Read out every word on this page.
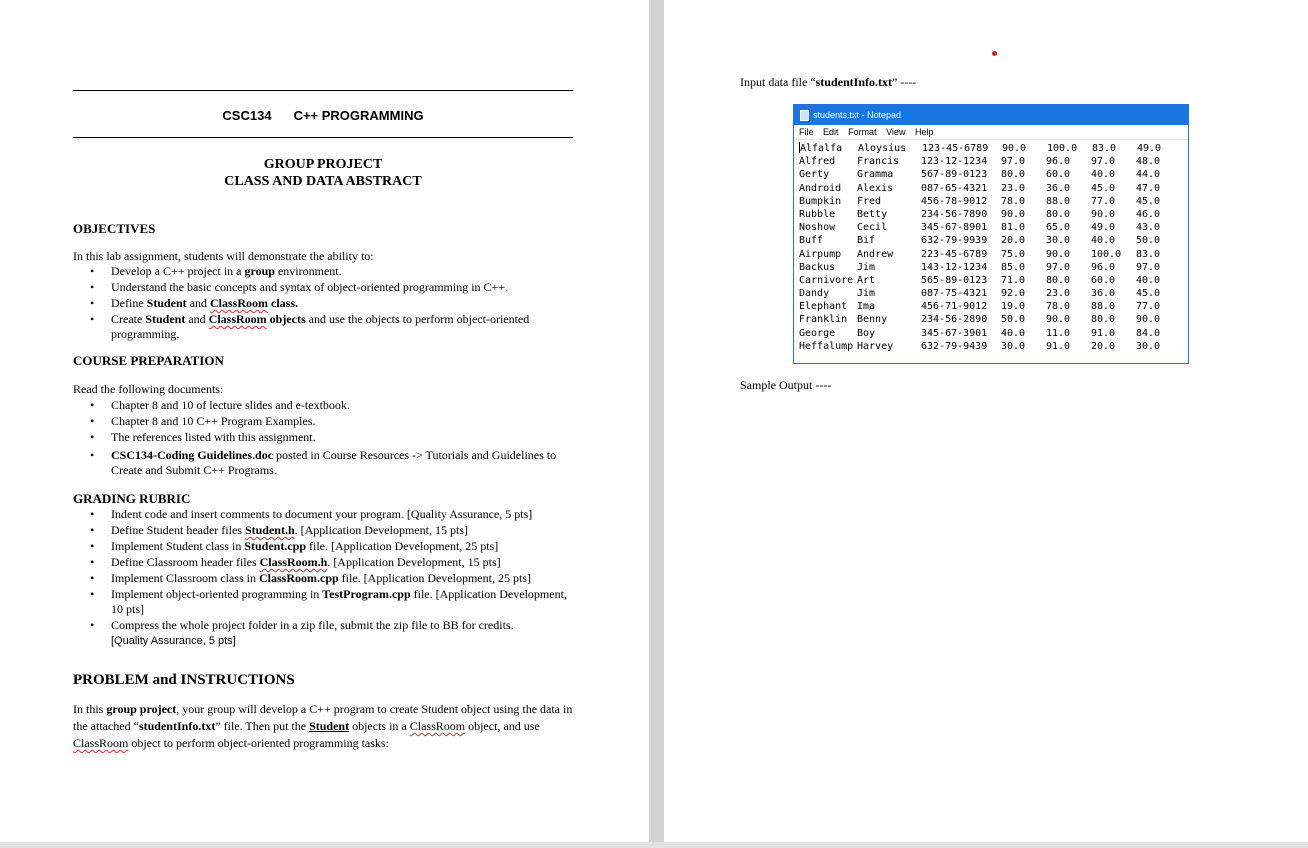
CSC134 C++ PROGRAMMING
GROUP PROJECT
CLASS AND DATA ABSTRACT
OBJECTIVES
In this lab assignment, students will demonstrate the ability to:
• Develop a C++ project in a group environment.
• Understand the basic concepts and syntax of object-oriented programming in C++.
• Define Student and ClassRoom class.
• Create Student and ClassRoom objects and use the objects to perform object-oriented programming.
COURSE PREPARATION
Read the following documents:
• Chapter 8 and 10 of lecture slides and e-textbook.
• Chapter 8 and 10 C++ Program Examples.
• The references listed with this assignment.
• CSC134-Coding Guidelines.doc posted in Course Resources -> Tutorials and Guidelines to Create and Submit C++ Programs.
GRADING RUBRIC
• Indent code and insert comments to document your program. [Quality Assurance, 5 pts]
• Define Student header files Student.h. [Application Development, 15 pts]
• Implement Student class in Student.cpp file. [Application Development, 25 pts]
• Define Classroom header files ClassRoom.h. [Application Development, 15 pts]
• Implement Classroom class in ClassRoom.cpp file. [Application Development, 25 pts]
• Implement object-oriented programming in TestProgram.cpp file. [Application Development, 10 pts]
• Compress the whole project folder in a zip file, submit the zip file to BB for credits.
[Quality Assurance, 5 pts]
PROBLEM and INSTRUCTIONS
In this group project, your group will develop a C++ program to create Student object using the data in the attached “studentInfo.txt” file. Then put the Student objects in a ClassRoom object, and use ClassRoom object to perform object-oriented programming tasks:
Input data file “studentInfo.txt” ----
students.txt - Notepad
File Edit Format View Help
Alfalfa	Aloysius	123-45-6789	90.0	100.0	83.0	49.0
Alfred	Francis	123-12-1234	97.0	96.0	97.0	48.0
Gerty	Gramma	567-89-0123	80.0	60.0	40.0	44.0
Android	Alexis	087-65-4321	23.0	36.0	45.0	47.0
Bumpkin	Fred	456-78-9012	78.0	88.0	77.0	45.0
Rubble	Betty	234-56-7890	90.0	80.0	90.0	46.0
Noshow	Cecil	345-67-8901	81.0	65.0	49.0	43.0
Buff	Bif	632-79-9939	20.0	30.0	40.0	50.0
Airpump	Andrew	223-45-6789	75.0	90.0	100.0	83.0
Backus	Jim	143-12-1234	85.0	97.0	96.0	97.0
Carnivore Art	565-89-0123	71.0	80.0	60.0	40.0
Dandy	Jim	087-75-4321	92.0	23.0	36.0	45.0
Elephant Ima	456-71-9012	19.0	78.0	88.0	77.0
Franklin Benny	234-56-2890	50.0	90.0	80.0	90.0
George	Boy	345-67-3901	40.0	11.0	91.0	84.0
Heffalump Harvey	632-79-9439	30.0	91.0	20.0	30.0
Sample Output ----
